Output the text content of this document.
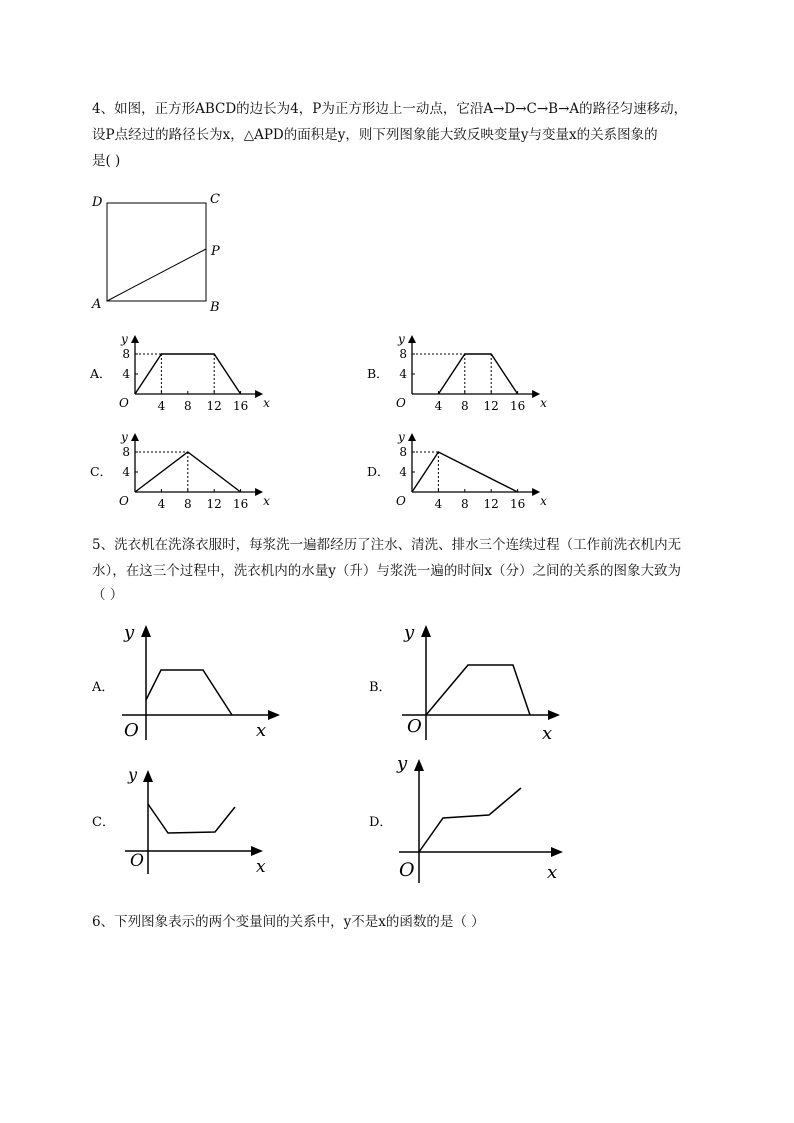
4、如图，正方形ABCD的边长为4，P为正方形边上一动点，它沿A→D→C→B→A的路径匀速移动，
设P点经过的路径长为x，△APD的面积是y，则下列图象能大致反映变量y与变量x的关系图象的
是( )
D	C
P
A	B
A．
y
x
O 4 8 12 16
4
8
B．
y
x
O 4 8 12 16
4
8
C．
y
x
O 4 8 12 16
4
8
D．
y
x
O 4 8 12 16
4
8
5、洗衣机在洗涤衣服时，每浆洗一遍都经历了注水、清洗、排水三个连续过程（工作前洗衣机内无
水），在这三个过程中，洗衣机内的水量y（升）与浆洗一遍的时间x（分）之间的关系的图象大致为
（ ）
A．
y
x
O
B．
y
x
O
C．
y
x
O
D．
y
x
O
6、下列图象表示的两个变量间的关系中，y不是x的函数的是（ ）
